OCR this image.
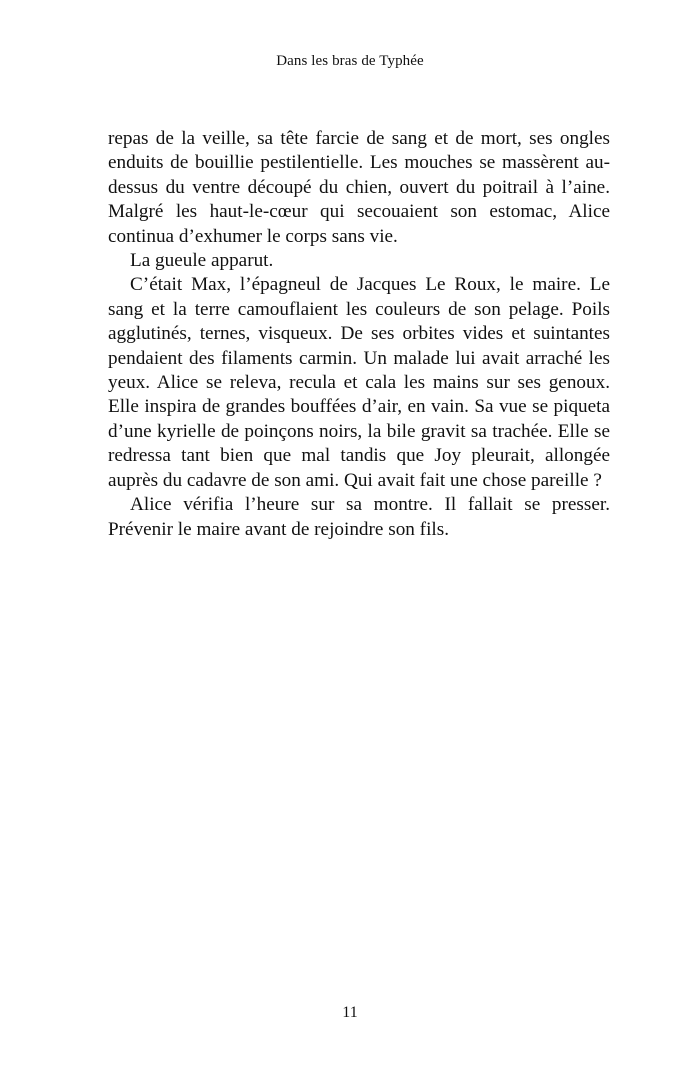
Dans les bras de Typhée

repas de la veille, sa tête farcie de sang et de mort, ses ongles enduits de bouillie pestilentielle. Les mouches se massèrent au-dessus du ventre découpé du chien, ouvert du poitrail à l’aine. Malgré les haut-le-cœur qui secouaient son estomac, Alice continua d’exhumer le corps sans vie.

La gueule apparut.

C’était Max, l’épagneul de Jacques Le Roux, le maire. Le sang et la terre camouflaient les couleurs de son pelage. Poils agglutinés, ternes, visqueux. De ses orbites vides et suintantes pendaient des filaments carmin. Un malade lui avait arraché les yeux. Alice se releva, recula et cala les mains sur ses genoux. Elle inspira de grandes bouffées d’air, en vain. Sa vue se piqueta d’une kyrielle de poinçons noirs, la bile gravit sa trachée. Elle se redressa tant bien que mal tandis que Joy pleurait, allongée auprès du cadavre de son ami. Qui avait fait une chose pareille ?

Alice vérifia l’heure sur sa montre. Il fallait se presser. Prévenir le maire avant de rejoindre son fils.

11
